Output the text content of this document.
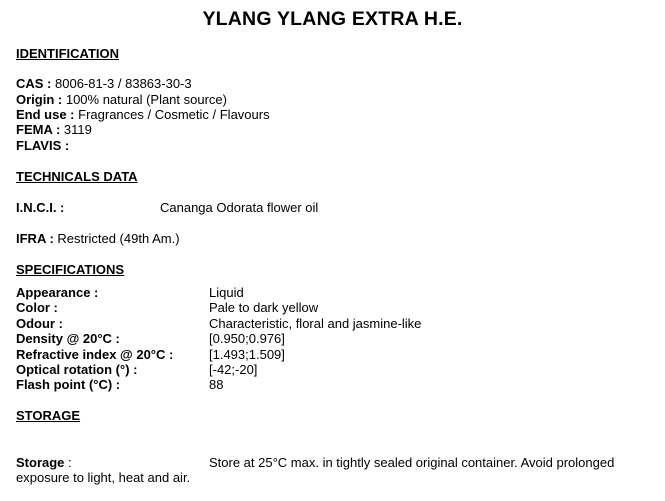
YLANG YLANG EXTRA H.E.
IDENTIFICATION
CAS : 8006-81-3 / 83863-30-3
Origin : 100% natural (Plant source)
End use : Fragrances / Cosmetic / Flavours
FEMA : 3119
FLAVIS :
TECHNICALS DATA
I.N.C.I. :	Cananga Odorata flower oil
IFRA : Restricted (49th Am.)
SPECIFICATIONS
Appearance :	Liquid
Color :	Pale to dark yellow
Odour :	Characteristic, floral and jasmine-like
Density @ 20°C :	[0.950;0.976]
Refractive index @ 20°C :	[1.493;1.509]
Optical rotation (°) :	[-42;-20]
Flash point (°C) :	88
STORAGE
Storage :	Store at 25°C max. in tightly sealed original container. Avoid prolonged
exposure to light, heat and air.
